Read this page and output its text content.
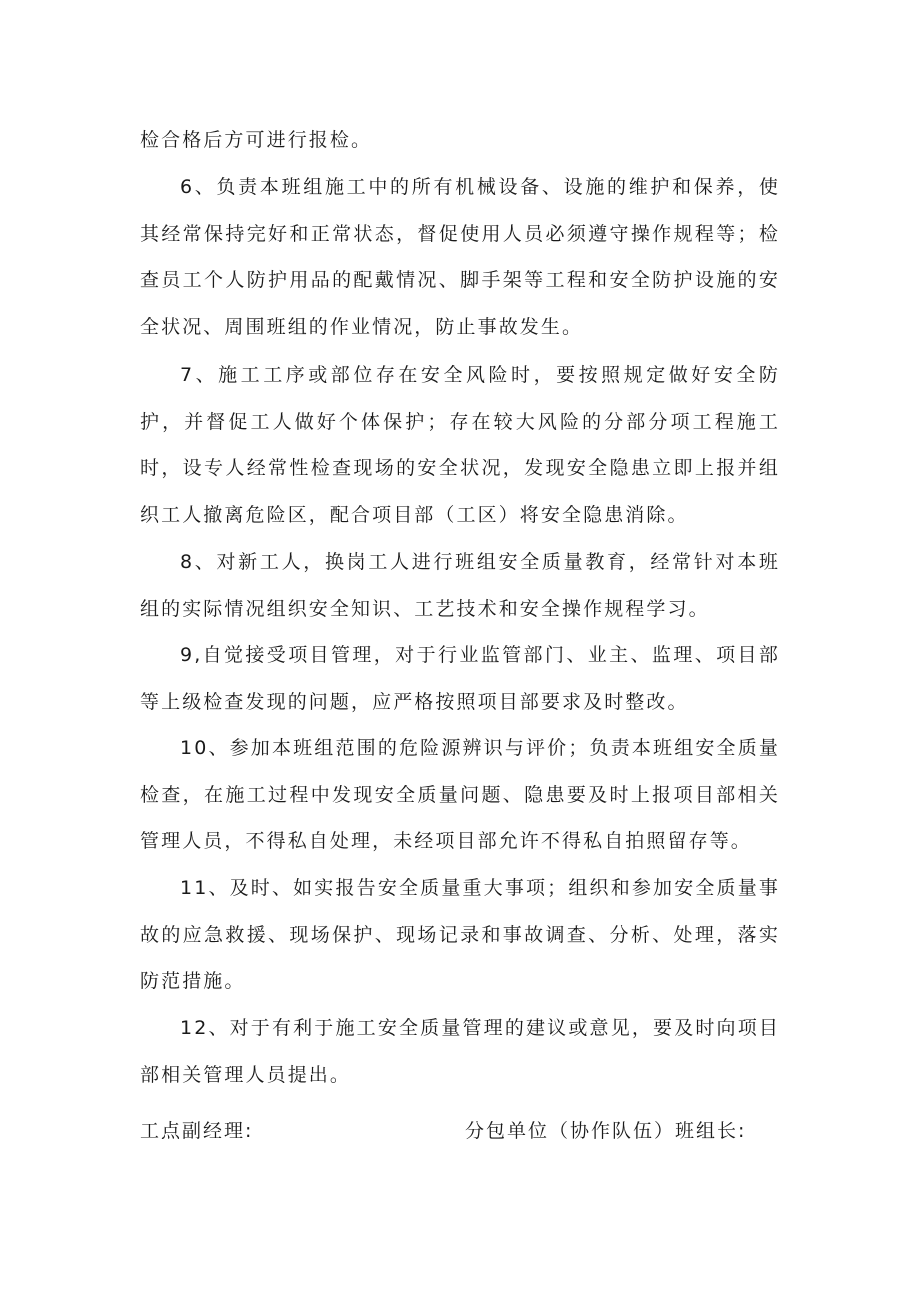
检合格后方可进行报检。

6、负责本班组施工中的所有机械设备、设施的维护和保养，使其经常保持完好和正常状态，督促使用人员必须遵守操作规程等；检查员工个人防护用品的配戴情况、脚手架等工程和安全防护设施的安全状况、周围班组的作业情况，防止事故发生。

7、施工工序或部位存在安全风险时，要按照规定做好安全防护，并督促工人做好个体保护；存在较大风险的分部分项工程施工时，设专人经常性检查现场的安全状况，发现安全隐患立即上报并组织工人撤离危险区，配合项目部（工区）将安全隐患消除。

8、对新工人，换岗工人进行班组安全质量教育，经常针对本班组的实际情况组织安全知识、工艺技术和安全操作规程学习。

9,自觉接受项目管理，对于行业监管部门、业主、监理、项目部等上级检查发现的问题，应严格按照项目部要求及时整改。

10、参加本班组范围的危险源辨识与评价；负责本班组安全质量检查，在施工过程中发现安全质量问题、隐患要及时上报项目部相关管理人员，不得私自处理，未经项目部允许不得私自拍照留存等。

11、及时、如实报告安全质量重大事项；组织和参加安全质量事故的应急救援、现场保护、现场记录和事故调查、分析、处理，落实防范措施。

12、对于有利于施工安全质量管理的建议或意见，要及时向项目部相关管理人员提出。

工点副经理:	分包单位（协作队伍）班组长:
